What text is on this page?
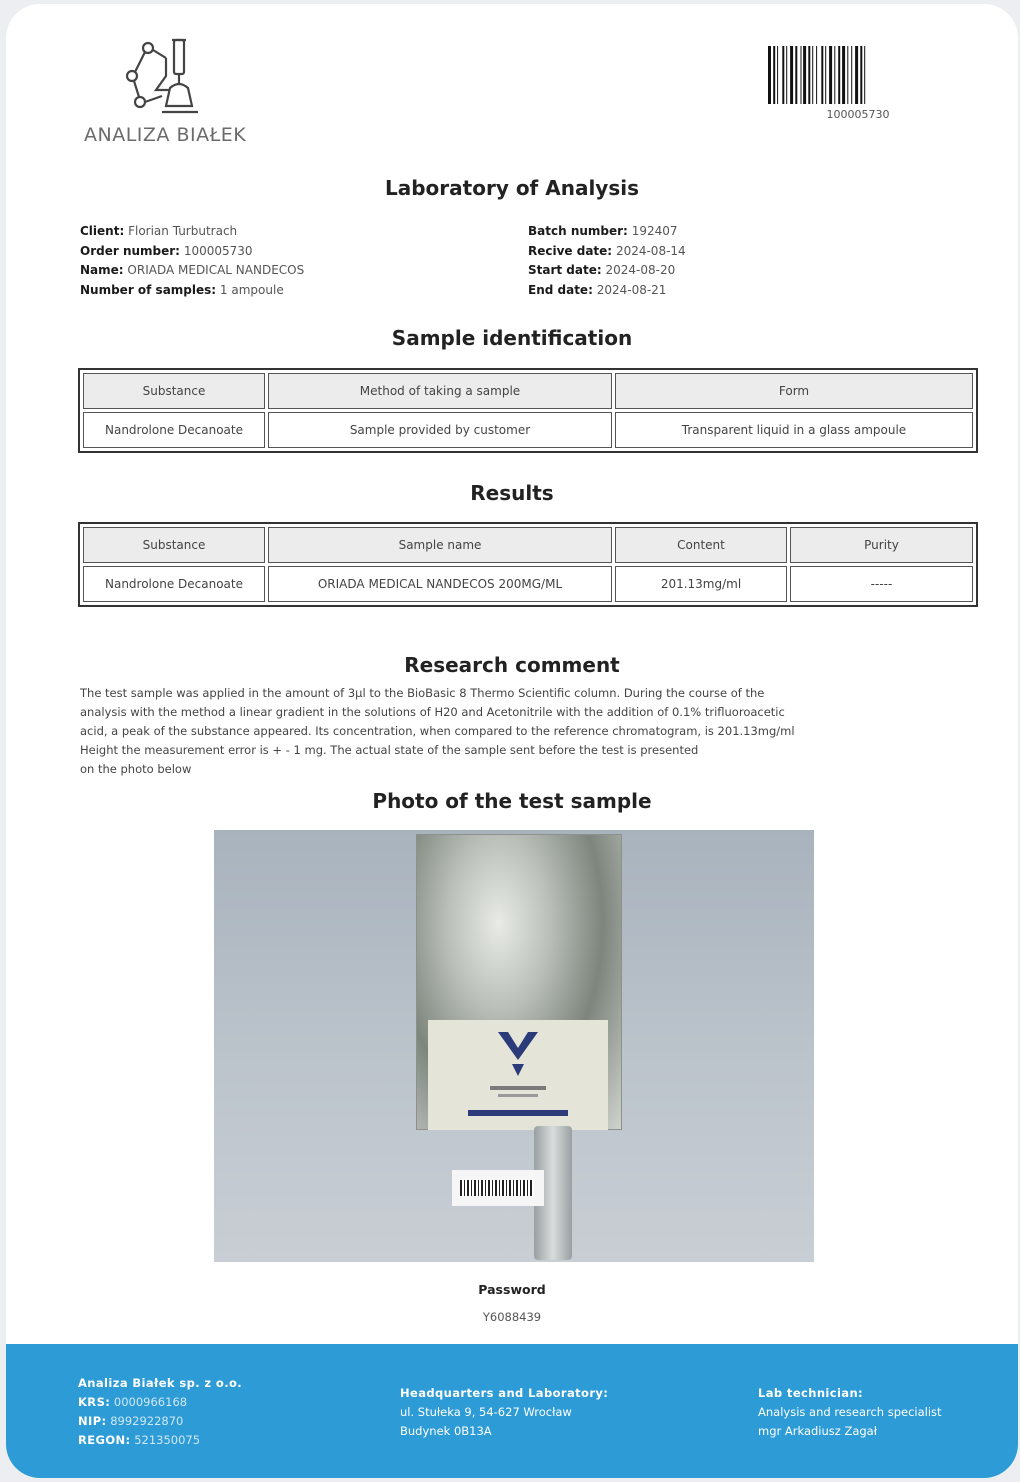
ANALIZA BIAŁEK
100005730
Laboratory of Analysis
Client: Florian Turbutrach
Order number: 100005730
Name: ORIADA MEDICAL NANDECOS
Number of samples: 1 ampoule
Batch number: 192407
Recive date: 2024-08-14
Start date: 2024-08-20
End date: 2024-08-21
Sample identification
Substance	Method of taking a sample	Form
Nandrolone Decanoate	Sample provided by customer	Transparent liquid in a glass ampoule
Results
Substance	Sample name	Content	Purity
Nandrolone Decanoate	ORIADA MEDICAL NANDECOS 200MG/ML	201.13mg/ml	-----
Research comment
The test sample was applied in the amount of 3µl to the BioBasic 8 Thermo Scientific column. During the course of the
analysis with the method a linear gradient in the solutions of H20 and Acetonitrile with the addition of 0.1% trifluoroacetic
acid, a peak of the substance appeared. Its concentration, when compared to the reference chromatogram, is 201.13mg/ml
Height the measurement error is + - 1 mg. The actual state of the sample sent before the test is presented
on the photo below
Photo of the test sample
Password
Y6088439
Analiza Białek sp. z o.o.
KRS: 0000966168
NIP: 8992922870
REGON: 521350075
Headquarters and Laboratory:
ul. Stułeka 9, 54-627 Wrocław
Budynek 0B13A
Lab technician:
Analysis and research specialist
mgr Arkadiusz Zagał
